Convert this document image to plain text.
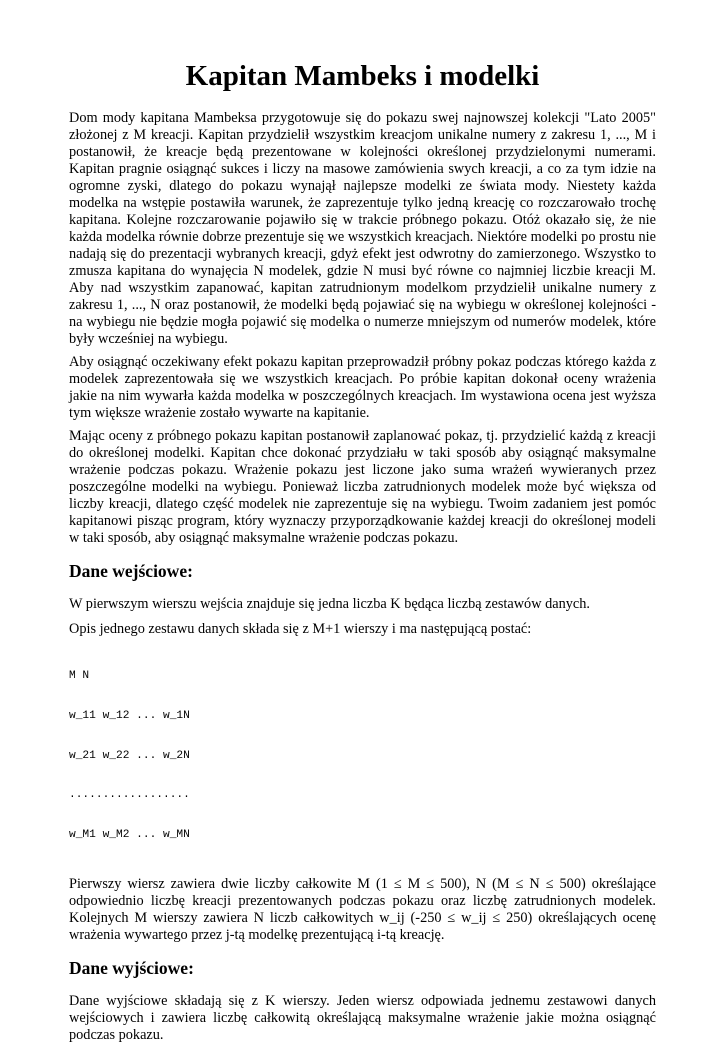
Kapitan Mambeks i modelki

Dom mody kapitana Mambeksa przygotowuje się do pokazu swej najnowszej kolekcji "Lato 2005" złożonej z M kreacji. Kapitan przydzielił wszystkim kreacjom unikalne numery z zakresu 1, ..., M i postanowił, że kreacje będą prezentowane w kolejności określonej przydzielonymi numerami. Kapitan pragnie osiągnąć sukces i liczy na masowe zamówienia swych kreacji, a co za tym idzie na ogromne zyski, dlatego do pokazu wynajął najlepsze modelki ze świata mody. Niestety każda modelka na wstępie postawiła warunek, że zaprezentuje tylko jedną kreację co rozczarowało trochę kapitana. Kolejne rozczarowanie pojawiło się w trakcie próbnego pokazu. Otóż okazało się, że nie każda modelka równie dobrze prezentuje się we wszystkich kreacjach. Niektóre modelki po prostu nie nadają się do prezentacji wybranych kreacji, gdyż efekt jest odwrotny do zamierzonego. Wszystko to zmusza kapitana do wynajęcia N modelek, gdzie N musi być równe co najmniej liczbie kreacji M. Aby nad wszystkim zapanować, kapitan zatrudnionym modelkom przydzielił unikalne numery z zakresu 1, ..., N oraz postanowił, że modelki będą pojawiać się na wybiegu w określonej kolejności - na wybiegu nie będzie mogła pojawić się modelka o numerze mniejszym od numerów modelek, które były wcześniej na wybiegu.

Aby osiągnąć oczekiwany efekt pokazu kapitan przeprowadził próbny pokaz podczas którego każda z modelek zaprezentowała się we wszystkich kreacjach. Po próbie kapitan dokonał oceny wrażenia jakie na nim wywarła każda modelka w poszczególnych kreacjach. Im wystawiona ocena jest wyższa tym większe wrażenie zostało wywarte na kapitanie.

Mając oceny z próbnego pokazu kapitan postanowił zaplanować pokaz, tj. przydzielić każdą z kreacji do określonej modelki. Kapitan chce dokonać przydziału w taki sposób aby osiągnąć maksymalne wrażenie podczas pokazu. Wrażenie pokazu jest liczone jako suma wrażeń wywieranych przez poszczególne modelki na wybiegu. Ponieważ liczba zatrudnionych modelek może być większa od liczby kreacji, dlatego część modelek nie zaprezentuje się na wybiegu. Twoim zadaniem jest pomóc kapitanowi pisząc program, który wyznaczy przyporządkowanie każdej kreacji do określonej modeli w taki sposób, aby osiągnąć maksymalne wrażenie podczas pokazu.

Dane wejściowe:

W pierwszym wierszu wejścia znajduje się jedna liczba K będąca liczbą zestawów danych.

Opis jednego zestawu danych składa się z M+1 wierszy i ma następującą postać:

M N

w_11 w_12 ... w_1N

w_21 w_22 ... w_2N

..................

w_M1 w_M2 ... w_MN

Pierwszy wiersz zawiera dwie liczby całkowite M (1 ≤ M ≤ 500), N (M ≤ N ≤ 500) określające odpowiednio liczbę kreacji prezentowanych podczas pokazu oraz liczbę zatrudnionych modelek. Kolejnych M wierszy zawiera N liczb całkowitych w_ij (-250 ≤ w_ij ≤ 250) określających ocenę wrażenia wywartego przez j-tą modelkę prezentującą i-tą kreację.

Dane wyjściowe:

Dane wyjściowe składają się z K wierszy. Jeden wiersz odpowiada jednemu zestawowi danych wejściowych i zawiera liczbę całkowitą określającą maksymalne wrażenie jakie można osiągnąć podczas pokazu.
